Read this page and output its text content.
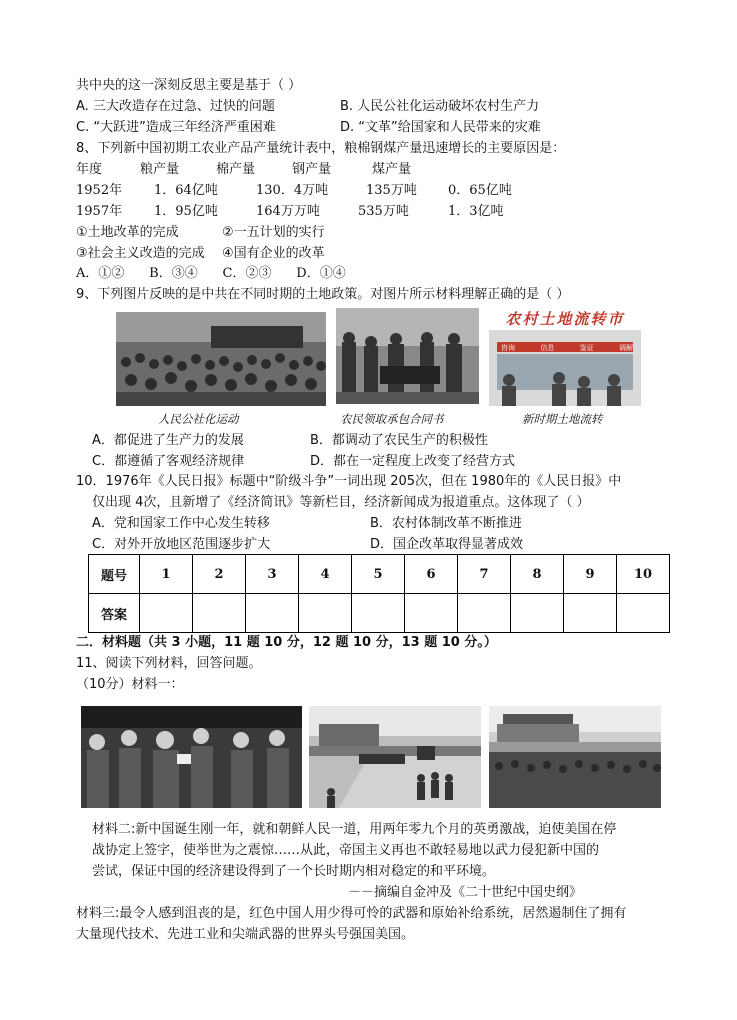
共中央的这一深刻反思主要是基于（ ）
A. 三大改造存在过急、过快的问题	B. 人民公社化运动破坏农村生产力
C. “大跃进”造成三年经济严重困难	D. “文革”给国家和人民带来的灾难
8、下列新中国初期工农业产品产量统计表中，粮棉钢煤产量迅速增长的主要原因是：
年度	粮产量	棉产量	钢产量	煤产量
1952年 1．64亿吨	130．4万吨	135万吨 0．65亿吨
1957年 1．95亿吨	164万万吨	535万吨	1．3亿吨
①土地改革的完成	②一五计划的实行
③社会主义改造的完成 ④国有企业的改革
A．①②      B．③④      C．②③      D．①④
9、下列图片反映的是中共在不同时期的土地政策。对图片所示材料理解正确的是（ ）
农村土地流转市
咨询	信息	鉴证	调解
人民公社化运动	农民领取承包合同书	新时期土地流转
A．都促进了生产力的发展	B．都调动了农民生产的积极性
C．都遵循了客观经济规律	D．都在一定程度上改变了经营方式
10．1976年《人民日报》标题中“阶级斗争”一词出现 205次，但在 1980年的《人民日报》中
仅出现 4次，且新增了《经济简讯》等新栏目，经济新闻成为报道重点。这体现了（ ）
A．党和国家工作中心发生转移	B．农村体制改革不断推进
C．对外开放地区范围逐步扩大	D．国企改革取得显著成效
题号	1	2	3	4	5	6	7	8	9	10
答案										
二．材料题（共 3 小题，11 题 10 分，12 题 10 分，13 题 10 分。）
11、阅读下列材料，回答问题。
（10分）材料一：
材料二:新中国诞生刚一年，就和朝鲜人民一道，用两年零九个月的英勇激战，迫使美国在停
战协定上签字，使举世为之震惊……从此，帝国主义再也不敢轻易地以武力侵犯新中国的
尝试，保证中国的经济建设得到了一个长时期内相对稳定的和平环境。
－－摘编自金冲及《二十世纪中国史纲》
材料三:最令人感到沮丧的是，红色中国人用少得可怜的武器和原始补给系统，居然遏制住了拥有
大量现代技术、先进工业和尖端武器的世界头号强国美国。
